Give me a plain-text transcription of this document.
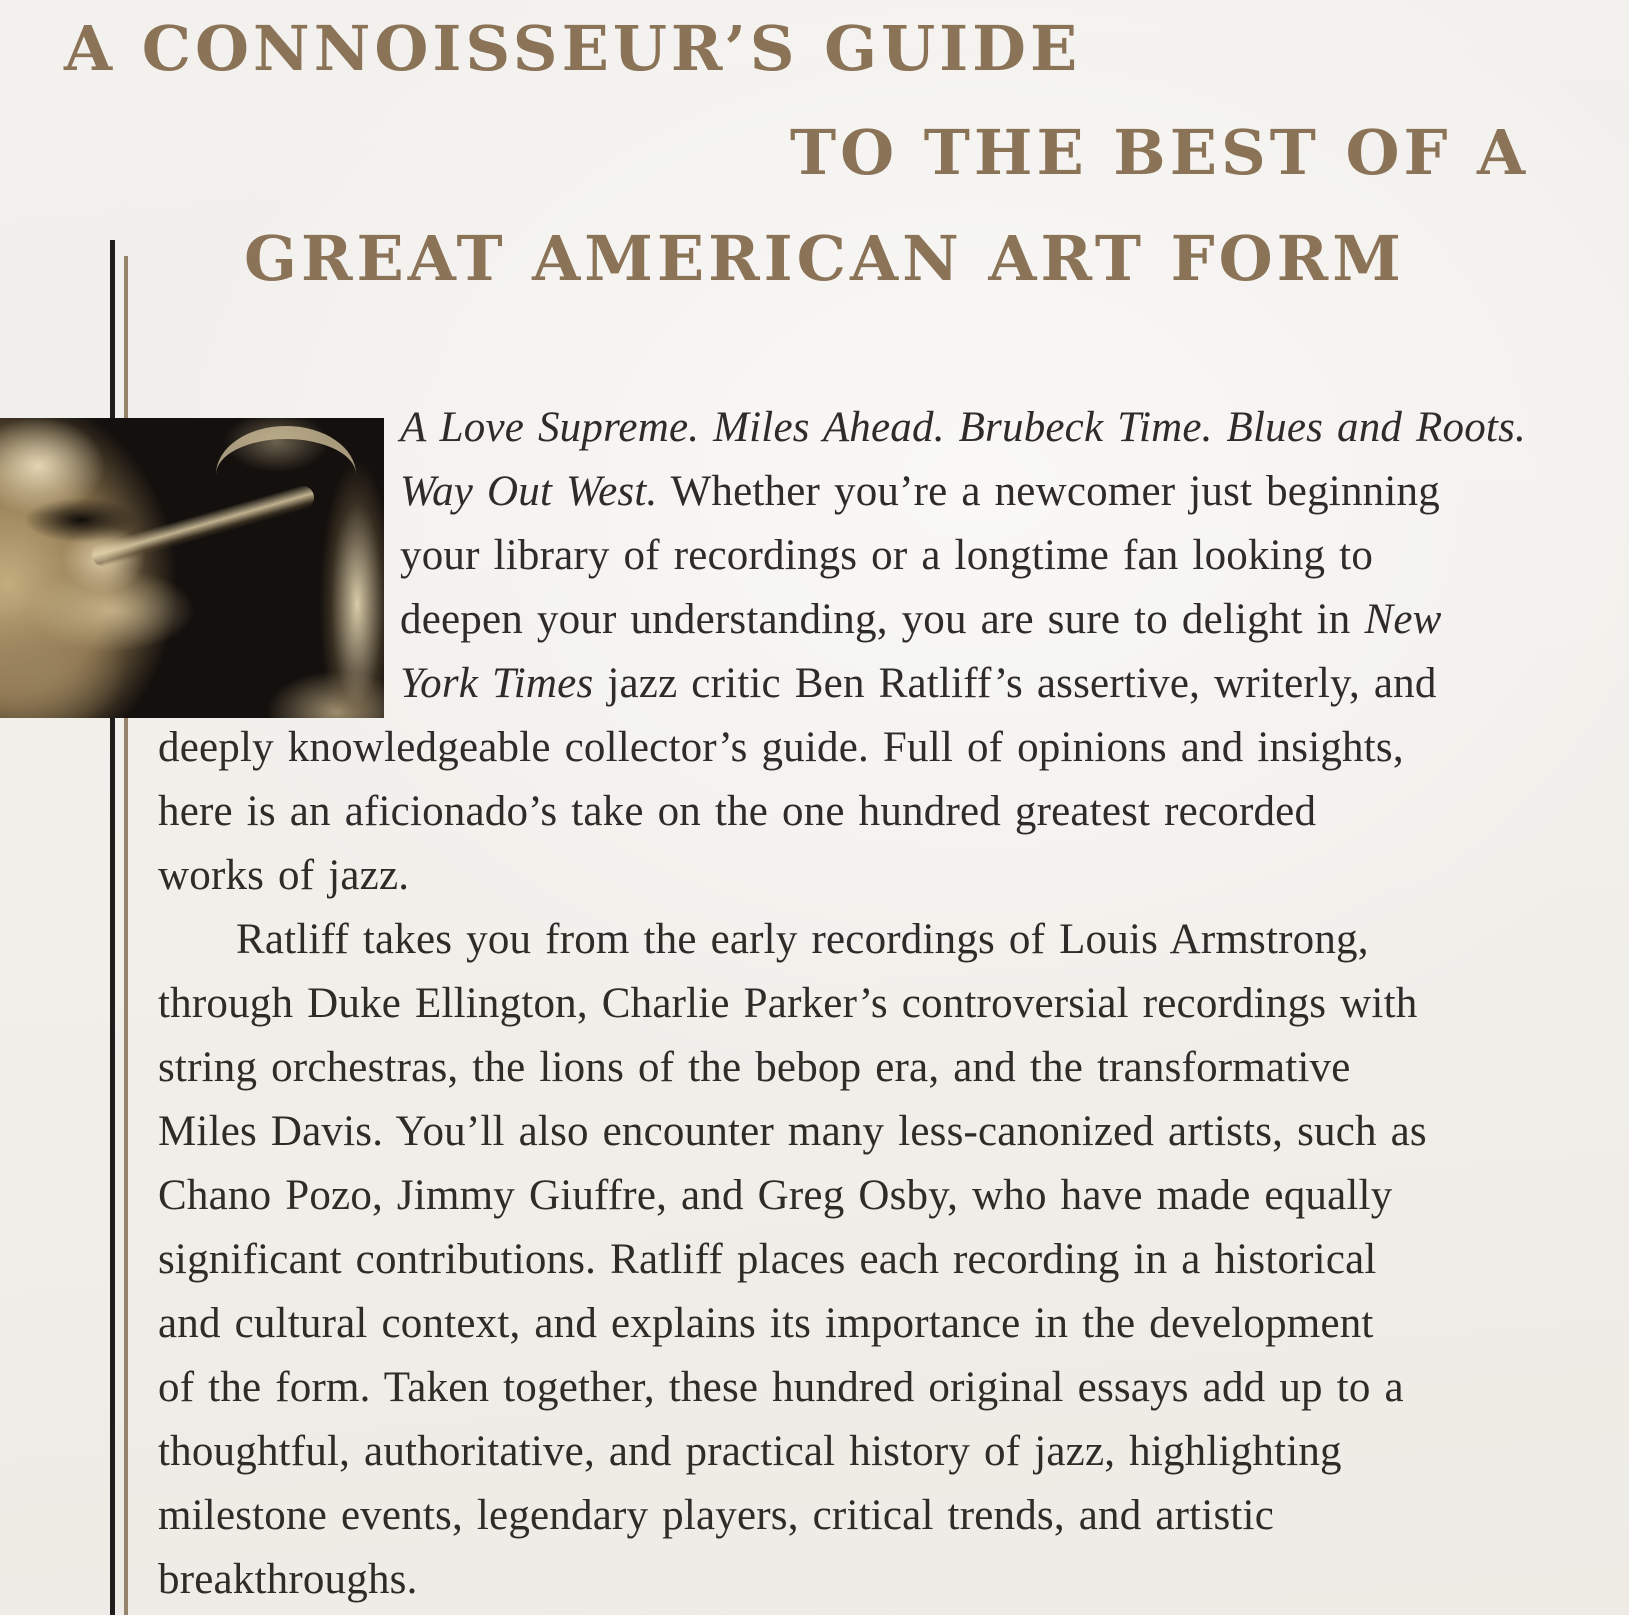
A CONNOISSEUR’S GUIDE
TO THE BEST OF A
GREAT AMERICAN ART FORM
A Love Supreme. Miles Ahead. Brubeck Time. Blues and Roots.
Way Out West. Whether you’re a newcomer just beginning
your library of recordings or a longtime fan looking to
deepen your understanding, you are sure to delight in New
York Times jazz critic Ben Ratliff’s assertive, writerly, and
deeply knowledgeable collector’s guide. Full of opinions and insights,
here is an aficionado’s take on the one hundred greatest recorded
works of jazz.
Ratliff takes you from the early recordings of Louis Armstrong,
through Duke Ellington, Charlie Parker’s controversial recordings with
string orchestras, the lions of the bebop era, and the transformative
Miles Davis. You’ll also encounter many less-canonized artists, such as
Chano Pozo, Jimmy Giuffre, and Greg Osby, who have made equally
significant contributions. Ratliff places each recording in a historical
and cultural context, and explains its importance in the development
of the form. Taken together, these hundred original essays add up to a
thoughtful, authoritative, and practical history of jazz, highlighting
milestone events, legendary players, critical trends, and artistic
breakthroughs.
